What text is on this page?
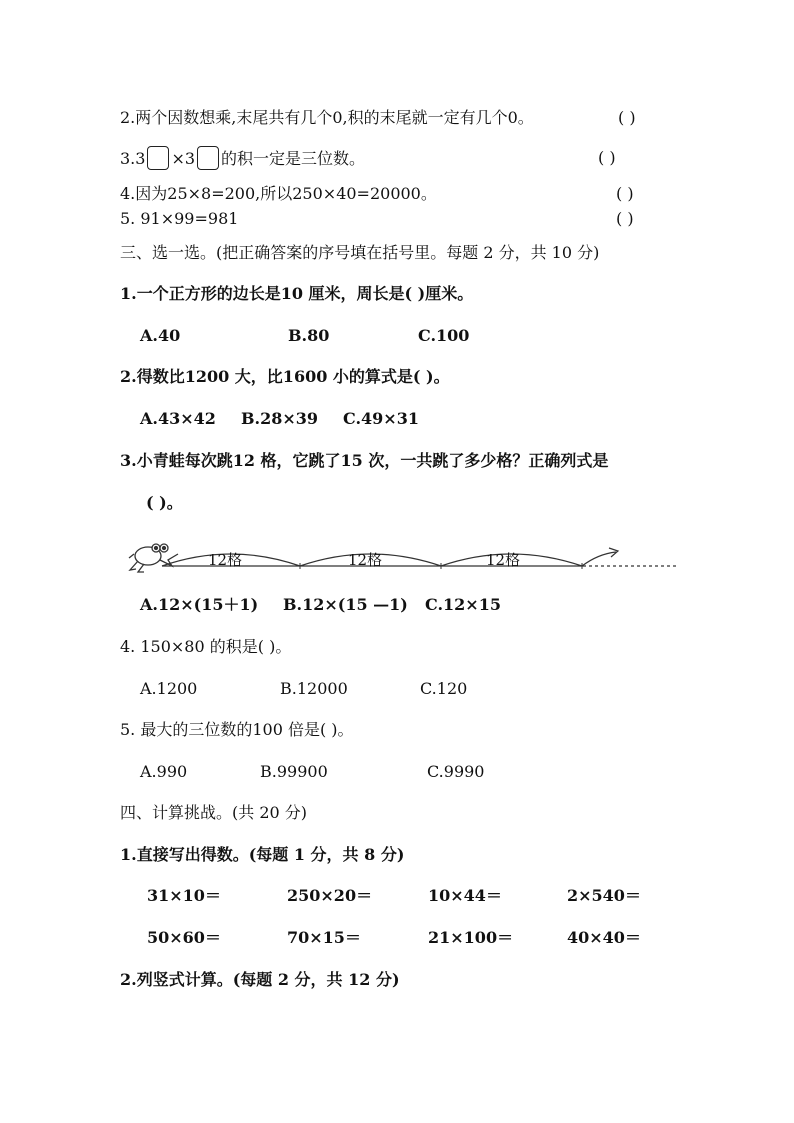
2.两个因数想乘,末尾共有几个0,积的末尾就一定有几个0。	( )
3.3 ×3 的积一定是三位数。	( )
4.因为25×8=200,所以250×40=20000。	( )
5. 91×99=981	( )
三、选一选。(把正确答案的序号填在括号里。每题 2 分，共 10 分)
1.一个正方形的边长是10 厘米，周长是( )厘米。
A.40	B.80	C.100
2.得数比1200 大，比1600 小的算式是( )。
A.43×42 B.28×39 C.49×31
3.小青蛙每次跳12 格，它跳了15 次，一共跳了多少格？正确列式是
( )。
12格	12格	12格
A.12×(15＋1) B.12×(15 —1) C.12×15
4. 150×80 的积是( )。
A.1200	B.12000	C.120
5. 最大的三位数的100 倍是( )。
A.990	B.99900	C.9990
四、计算挑战。(共 20 分)
1.直接写出得数。(每题 1 分，共 8 分)
31×10＝	250×20＝	10×44＝	2×540＝
50×60＝	70×15＝	21×100＝	40×40＝
2.列竖式计算。(每题 2 分，共 12 分)
